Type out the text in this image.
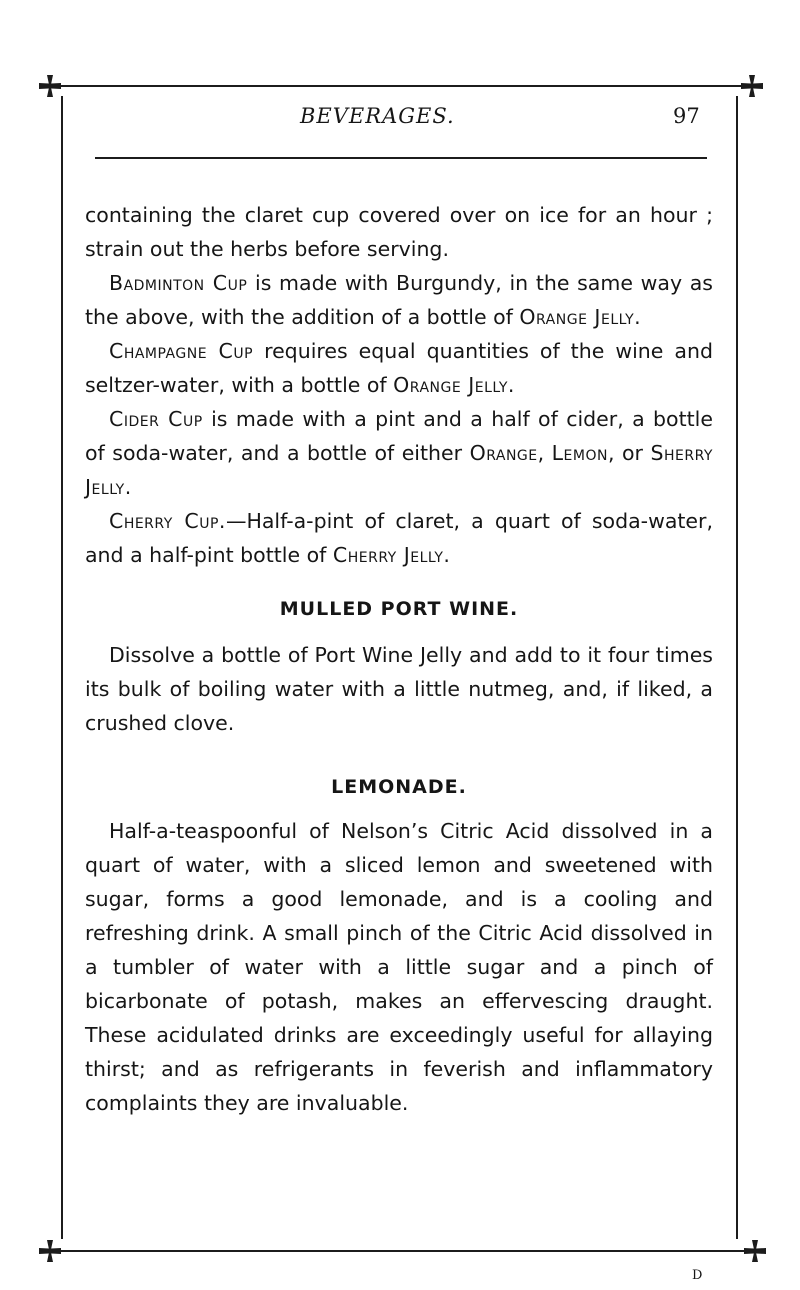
BEVERAGES.	97

containing the claret cup covered over on ice for an hour ; strain out the herbs before serving.

Badminton Cup is made with Burgundy, in the same way as the above, with the addition of a bottle of Orange Jelly.

Champagne Cup requires equal quantities of the wine and seltzer-water, with a bottle of Orange Jelly.

Cider Cup is made with a pint and a half of cider, a bottle of soda-water, and a bottle of either Orange, Lemon, or Sherry Jelly.

Cherry Cup.—Half-a-pint of claret, a quart of soda-water, and a half-pint bottle of Cherry Jelly.

MULLED PORT WINE.

Dissolve a bottle of Port Wine Jelly and add to it four times its bulk of boiling water with a little nutmeg, and, if liked, a crushed clove.

LEMONADE.

Half-a-teaspoonful of Nelson’s Citric Acid dissolved in a quart of water, with a sliced lemon and sweetened with sugar, forms a good lemonade, and is a cooling and refreshing drink. A small pinch of the Citric Acid dissolved in a tumbler of water with a little sugar and a pinch of bicarbonate of potash, makes an effervescing draught. These acidulated drinks are exceedingly useful for allaying thirst; and as refrigerants in feverish and inflammatory complaints they are invaluable.

D
